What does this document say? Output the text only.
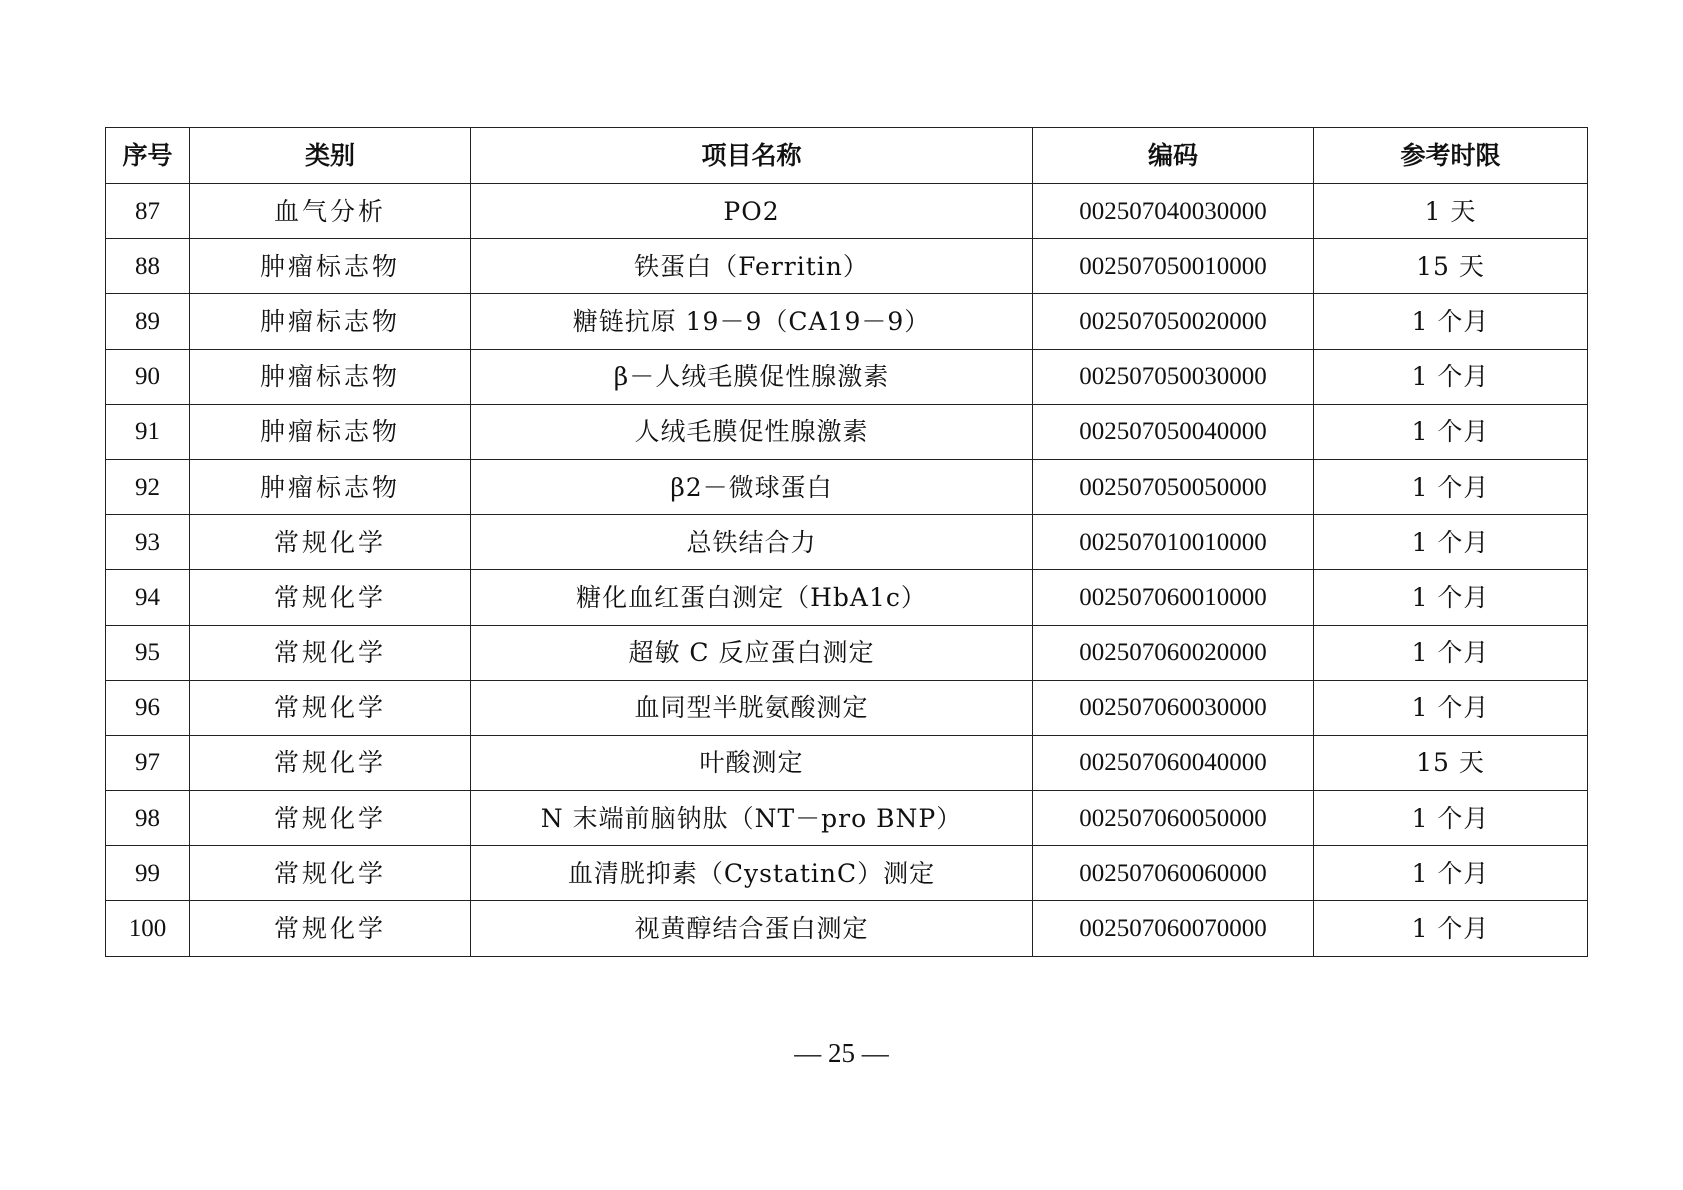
序号	类别	项目名称	编码	参考时限
87	血气分析	PO2	002507040030000	1 天
88	肿瘤标志物	铁蛋白（Ferritin）	002507050010000	15 天
89	肿瘤标志物	糖链抗原 19－9（CA19－9）	002507050020000	1 个月
90	肿瘤标志物	β－人绒毛膜促性腺激素	002507050030000	1 个月
91	肿瘤标志物	人绒毛膜促性腺激素	002507050040000	1 个月
92	肿瘤标志物	β2－微球蛋白	002507050050000	1 个月
93	常规化学	总铁结合力	002507010010000	1 个月
94	常规化学	糖化血红蛋白测定（HbA1c）	002507060010000	1 个月
95	常规化学	超敏 C 反应蛋白测定	002507060020000	1 个月
96	常规化学	血同型半胱氨酸测定	002507060030000	1 个月
97	常规化学	叶酸测定	002507060040000	15 天
98	常规化学	N 末端前脑钠肽（NT－pro BNP）	002507060050000	1 个月
99	常规化学	血清胱抑素（CystatinC）测定	002507060060000	1 个月
100	常规化学	视黄醇结合蛋白测定	002507060070000	1 个月
— 25 —
